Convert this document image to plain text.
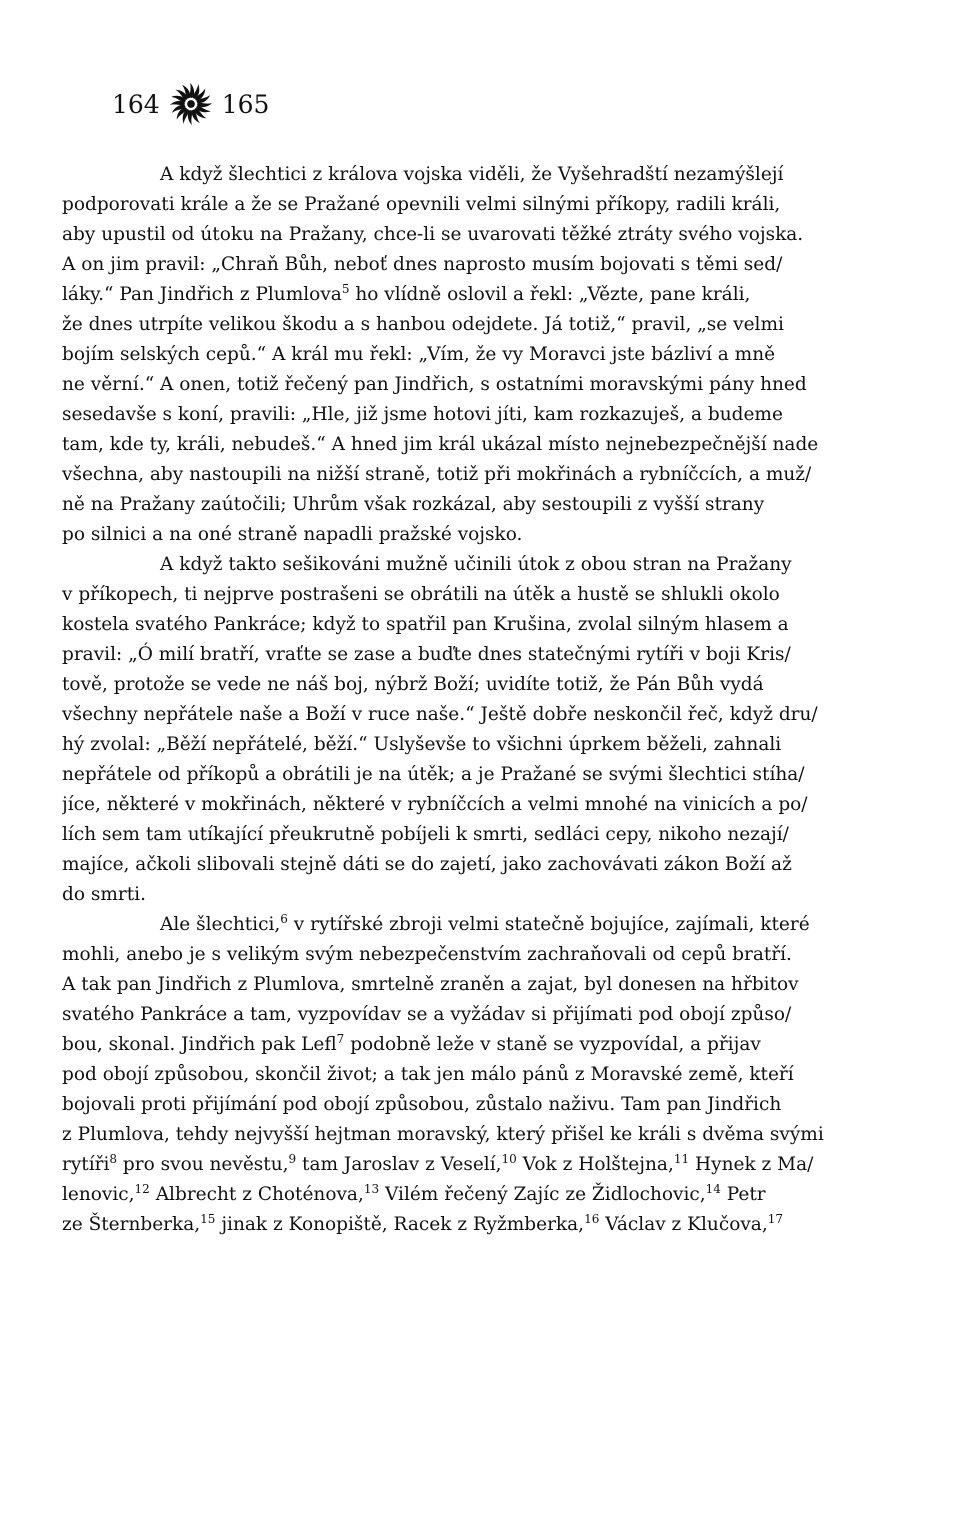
164 165
A když šlechtici z králova vojska viděli, že Vyšehradští nezamýšlejí
podporovati krále a že se Pražané opevnili velmi silnými příkopy, radili králi,
aby upustil od útoku na Pražany, chce-li se uvarovati těžké ztráty svého vojska.
A on jim pravil: „Chraň Bůh, neboť dnes naprosto musím bojovati s těmi sed/
láky.“ Pan Jindřich z Plumlova$^5$ ho vlídně oslovil a řekl: „Vězte, pane králi,
že dnes utrpíte velikou škodu a s hanbou odejdete. Já totiž,“ pravil, „se velmi
bojím selských cepů.“ A král mu řekl: „Vím, že vy Moravci jste bázliví a mně
ne věrní.“ A onen, totiž řečený pan Jindřich, s ostatními moravskými pány hned
sesedavše s koní, pravili: „Hle, již jsme hotovi jíti, kam rozkazuješ, a budeme
tam, kde ty, králi, nebudeš.“ A hned jim král ukázal místo nejnebezpečnější nade
všechna, aby nastoupili na nižší straně, totiž při mokřinách a rybníčcích, a muž/
ně na Pražany zaútočili; Uhrům však rozkázal, aby sestoupili z vyšší strany
po silnici a na oné straně napadli pražské vojsko.
A když takto sešikováni mužně učinili útok z obou stran na Pražany
v příkopech, ti nejprve postrašeni se obrátili na útěk a hustě se shlukli okolo
kostela svatého Pankráce; když to spatřil pan Krušina, zvolal silným hlasem a
pravil: „Ó milí bratří, vraťte se zase a buďte dnes statečnými rytíři v boji Kris/
tově, protože se vede ne náš boj, nýbrž Boží; uvidíte totiž, že Pán Bůh vydá
všechny nepřátele naše a Boží v ruce naše.“ Ještě dobře neskončil řeč, když dru/
hý zvolal: „Běží nepřátelé, běží.“ Uslyševše to všichni úprkem běželi, zahnali
nepřátele od příkopů a obrátili je na útěk; a je Pražané se svými šlechtici stíha/
jíce, některé v mokřinách, některé v rybníčcích a velmi mnohé na vinicích a po/
lích sem tam utíkající přeukrutně pobíjeli k smrti, sedláci cepy, nikoho nezají/
majíce, ačkoli slibovali stejně dáti se do zajetí, jako zachovávati zákon Boží až
do smrti.
Ale šlechtici,$^6$ v rytířské zbroji velmi statečně bojujíce, zajímali, které
mohli, anebo je s velikým svým nebezpečenstvím zachraňovali od cepů bratří.
A tak pan Jindřich z Plumlova, smrtelně zraněn a zajat, byl donesen na hřbitov
svatého Pankráce a tam, vyzpovídav se a vyžádav si přijímati pod obojí způso/
bou, skonal. Jindřich pak Lefl$^7$ podobně leže v staně se vyzpovídal, a přijav
pod obojí způsobou, skončil život; a tak jen málo pánů z Moravské země, kteří
bojovali proti přijímání pod obojí způsobou, zůstalo naživu. Tam pan Jindřich
z Plumlova, tehdy nejvyšší hejtman moravský, který přišel ke králi s dvěma svými
rytíři$^8$ pro svou nevěstu,$^9$ tam Jaroslav z Veselí,$^{10}$ Vok z Holštejna,$^{11}$ Hynek z Ma/
lenovic,$^{12}$ Albrecht z Choténova,$^{13}$ Vilém řečený Zajíc ze Židlochovic,$^{14}$ Petr
ze Šternberka,$^{15}$ jinak z Konopiště, Racek z Ryžmberka,$^{16}$ Václav z Klučova,$^{17}$
